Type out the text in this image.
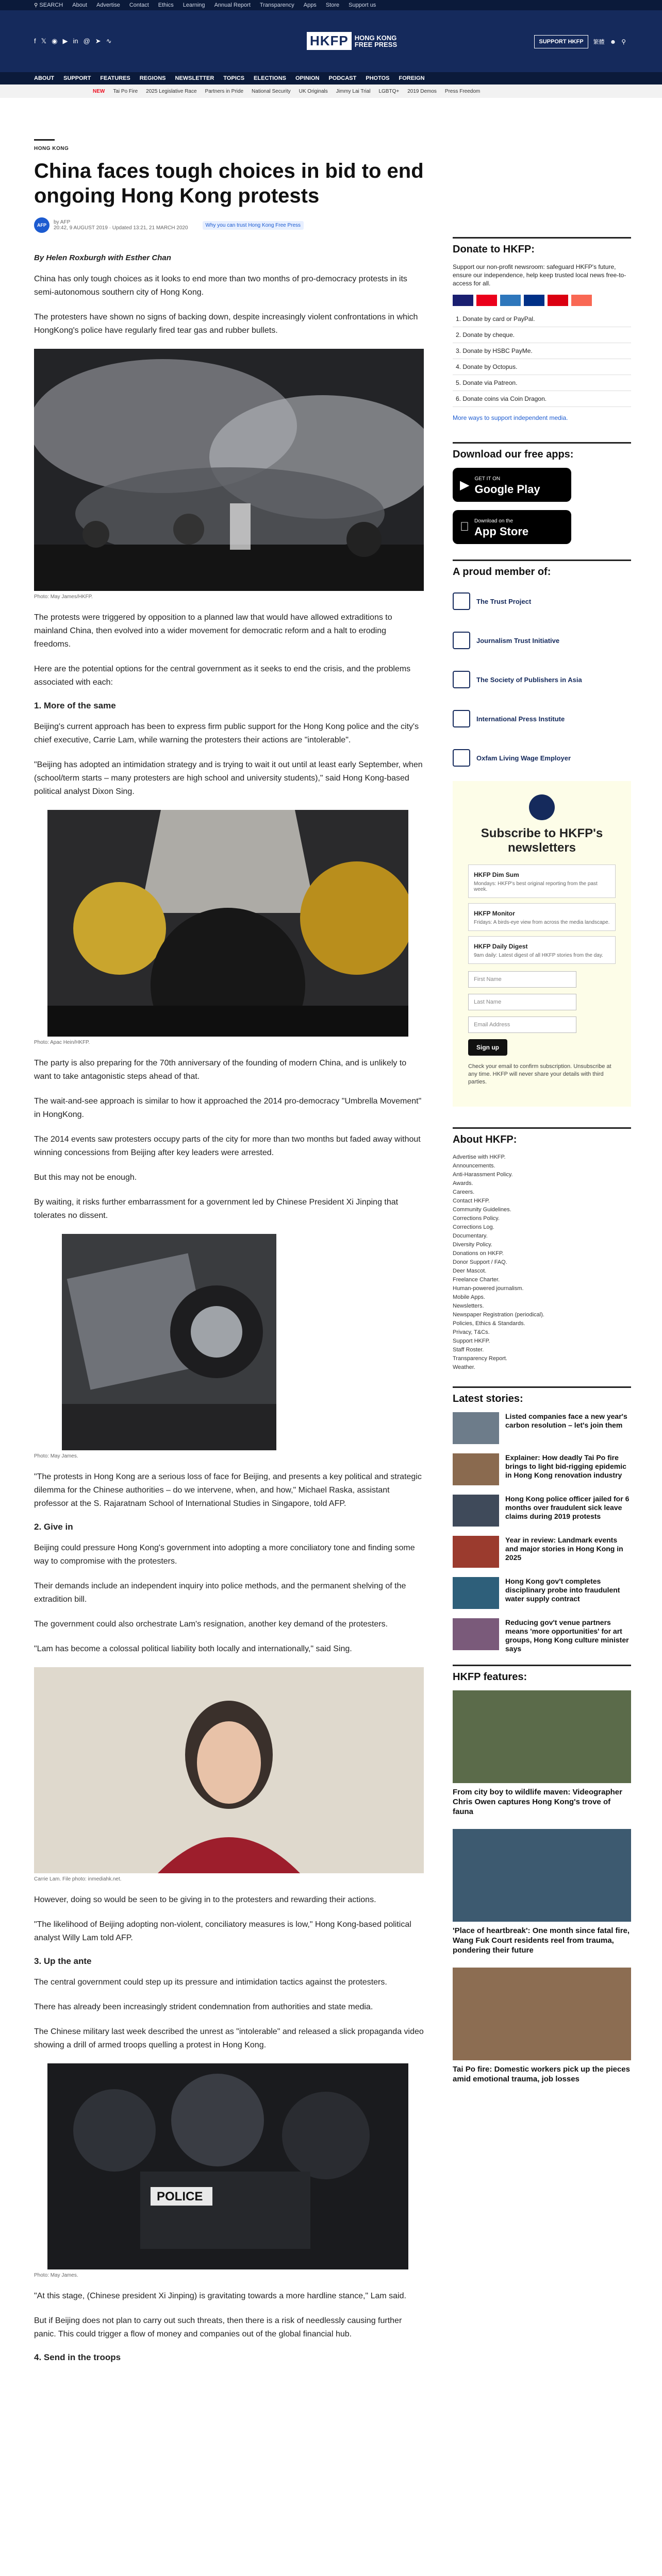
⚲ SEARCH About Advertise Contact Ethics Learning Annual Report Transparency Apps Store Support us
f 𝕏 ◉ ▶ in @ ➤ ∿	HKFP HONG KONG
FREE PRESS	SUPPORT HKFP	繁體 ☻ ⚲
ABOUT SUPPORT FEATURES REGIONS NEWSLETTER TOPICS ELECTIONS OPINION PODCAST PHOTOS FOREIGN
NEW Tai Po Fire 2025 Legislative Race Partners in Pride National Security UK Originals Jimmy Lai Trial LGBTQ+ 2019 Demos Press Freedom
HONG KONG
China faces tough choices in bid to end ongoing Hong Kong protests
AFP	by AFP
20:42, 9 AUGUST 2019 · Updated 13:21, 21 MARCH 2020	Why you can trust Hong Kong Free Press
By Helen Roxburgh with Esther Chan

China has only tough choices as it looks to end more than two months of pro-democracy protests in its semi-autonomous southern city of Hong Kong.

The protesters have shown no signs of backing down, despite increasingly violent confrontations in which HongKong's police have regularly fired tear gas and rubber bullets.

Photo: May James/HKFP.

The protests were triggered by opposition to a planned law that would have allowed extraditions to mainland China, then evolved into a wider movement for democratic reform and a halt to eroding freedoms.

Here are the potential options for the central government as it seeks to end the crisis, and the problems associated with each:

1. More of the same

Beijing's current approach has been to express firm public support for the Hong Kong police and the city's chief executive, Carrie Lam, while warning the protesters their actions are "intolerable".

"Beijing has adopted an intimidation strategy and is trying to wait it out until at least early September, when (school/term starts – many protesters are high school and university students)," said Hong Kong-based political analyst Dixon Sing.

Photo: Apac Hein/HKFP.

The party is also preparing for the 70th anniversary of the founding of modern China, and is unlikely to want to take antagonistic steps ahead of that.

The wait-and-see approach is similar to how it approached the 2014 pro-democracy "Umbrella Movement" in HongKong.

The 2014 events saw protesters occupy parts of the city for more than two months but faded away without winning concessions from Beijing after key leaders were arrested.

But this may not be enough.

By waiting, it risks further embarrassment for a government led by Chinese President Xi Jinping that tolerates no dissent.

Photo: May James.

"The protests in Hong Kong are a serious loss of face for Beijing, and presents a key political and strategic dilemma for the Chinese authorities – do we intervene, when, and how," Michael Raska, assistant professor at the S. Rajaratnam School of International Studies in Singapore, told AFP.

2. Give in

Beijing could pressure Hong Kong's government into adopting a more conciliatory tone and finding some way to compromise with the protesters.

Their demands include an independent inquiry into police methods, and the permanent shelving of the extradition bill.

The government could also orchestrate Lam's resignation, another key demand of the protesters.

"Lam has become a colossal political liability both locally and internationally," said Sing.

Carrie Lam. File photo: inmediahk.net.

However, doing so would be seen to be giving in to the protesters and rewarding their actions.

"The likelihood of Beijing adopting non-violent, conciliatory measures is low," Hong Kong-based political analyst Willy Lam told AFP.

3. Up the ante

The central government could step up its pressure and intimidation tactics against the protesters.

There has already been increasingly strident condemnation from authorities and state media.

The Chinese military last week described the unrest as "intolerable" and released a slick propaganda video showing a drill of armed troops quelling a protest in Hong Kong.

POLICE
Photo: May James.

"At this stage, (Chinese president Xi Jinping) is gravitating towards a more hardline stance," Lam said.

But if Beijing does not plan to carry out such threats, then there is a risk of needlessly causing further panic. This could trigger a flow of money and companies out of the global financial hub.

4. Send in the troops
Donate to HKFP:

Support our non-profit newsroom: safeguard HKFP's future, ensure our independence, help keep trusted local news free-to-access for all.

1. Donate by card or PayPal.
2. Donate by cheque.
3. Donate by HSBC PayMe.
4. Donate by Octopus.
5. Donate via Patreon.
6. Donate coins via Coin Dragon.

More ways to support independent media.

Download our free apps:
▶ GET IT ON
Google Play
Download on the
App Store
A proud member of:
The Trust Project
Journalism Trust Initiative
The Society of Publishers in Asia
International Press Institute
Oxfam Living Wage Employer
Subscribe to HKFP's newsletters
HKFP Dim Sum

Mondays: HKFP's best original reporting from the past week.

HKFP Monitor

Fridays: A birds-eye view from across the media landscape.

HKFP Daily Digest

9am daily: Latest digest of all HKFP stories from the day.

First Name
Last Name
Email Address
Sign up

Check your email to confirm subscription. Unsubscribe at any time. HKFP will never share your details with third parties.

About HKFP:
Advertise with HKFP.
Announcements.
Anti-Harassment Policy.
Awards.
Careers.
Contact HKFP.
Community Guidelines.
Corrections Policy.
Corrections Log.
Documentary.
Diversity Policy.
Donations on HKFP.
Donor Support / FAQ.
Deer Mascot.
Freelance Charter.
Human-powered journalism.
Mobile Apps.
Newsletters.
Newspaper Registration (periodical).
Policies, Ethics & Standards.
Privacy, T&Cs.
Support HKFP.
Staff Roster.
Transparency Report.
Weather.
Latest stories:
Listed companies face a new year's carbon resolution – let's join them
Explainer: How deadly Tai Po fire brings to light bid-rigging epidemic in Hong Kong renovation industry
Hong Kong police officer jailed for 6 months over fraudulent sick leave claims during 2019 protests
Year in review: Landmark events and major stories in Hong Kong in 2025
Hong Kong gov't completes disciplinary probe into fraudulent water supply contract
Reducing gov't venue partners means 'more opportunities' for art groups, Hong Kong culture minister says
HKFP features:
From city boy to wildlife maven: Videographer Chris Owen captures Hong Kong's trove of fauna
'Place of heartbreak': One month since fatal fire, Wang Fuk Court residents reel from trauma, pondering their future
Tai Po fire: Domestic workers pick up the pieces amid emotional trauma, job losses
